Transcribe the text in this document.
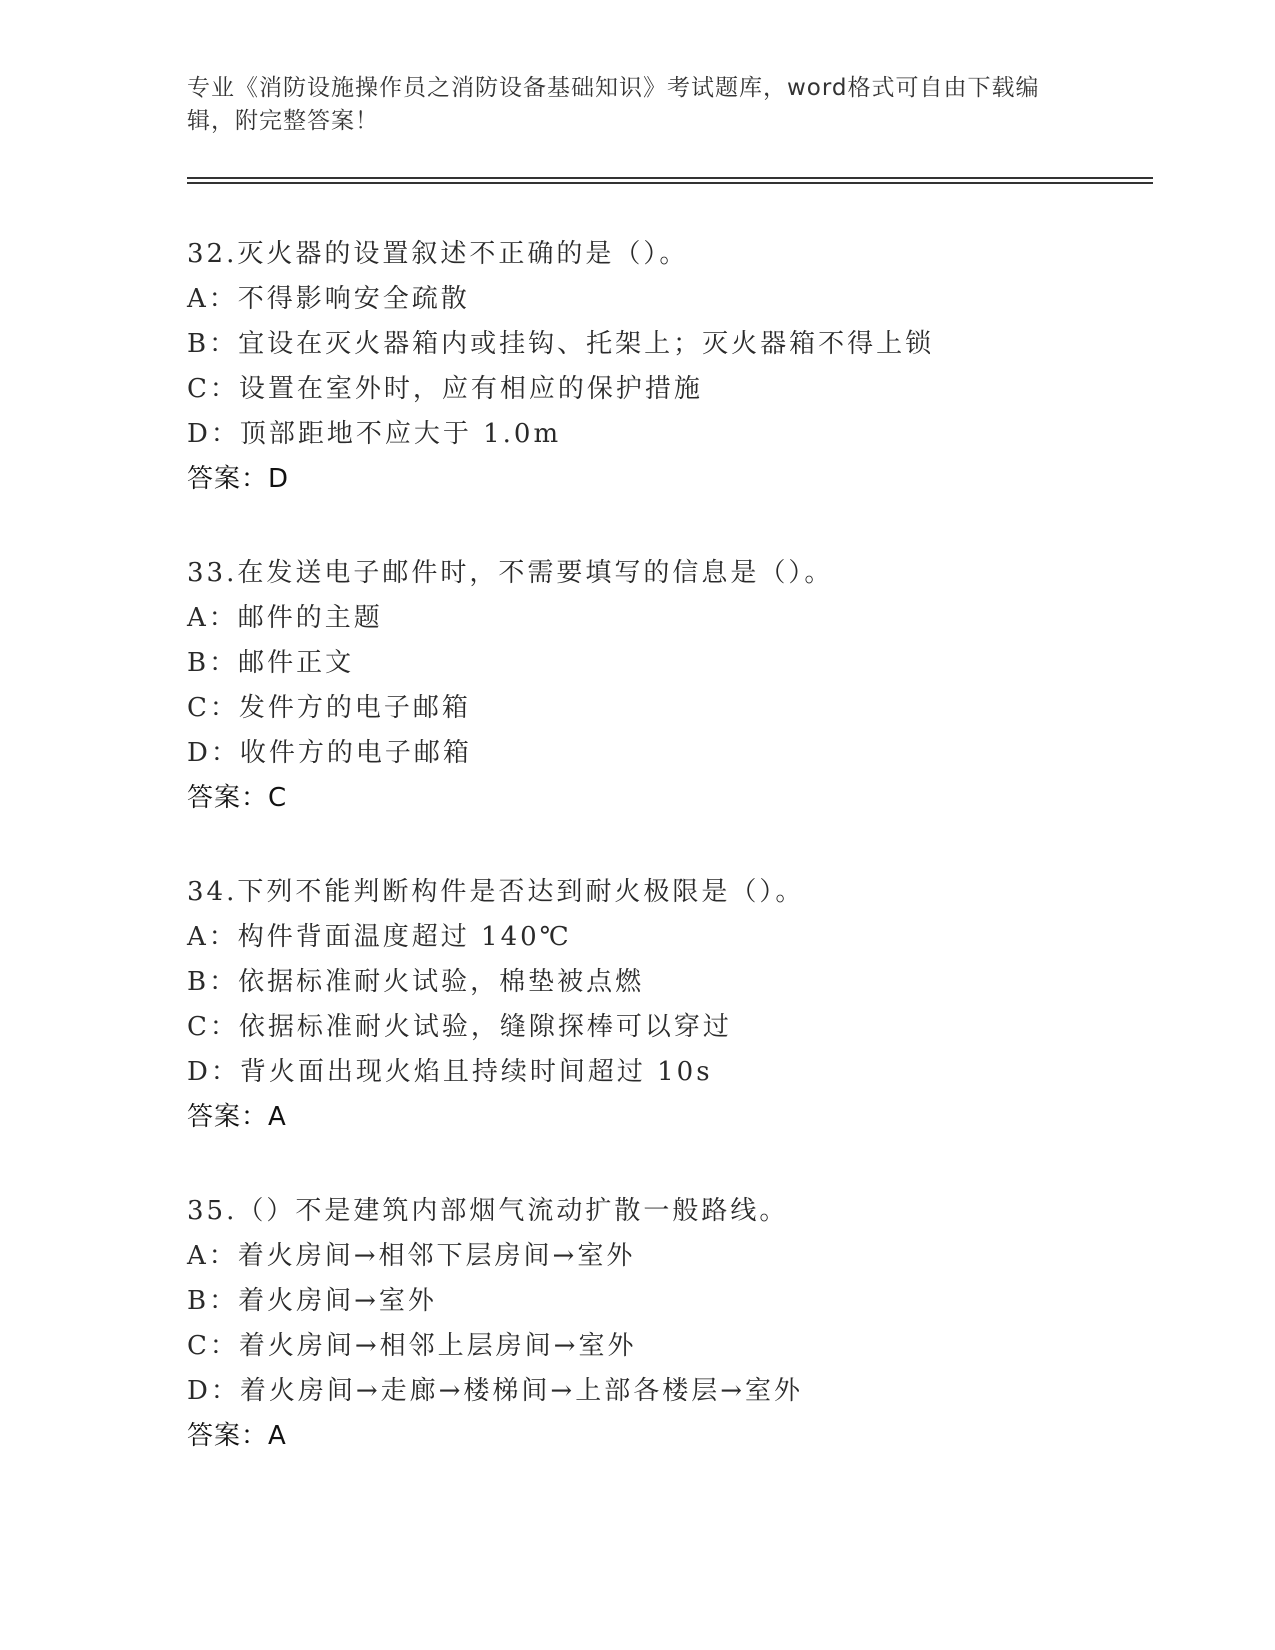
专业《消防设施操作员之消防设备基础知识》考试题库，word格式可自由下载编
辑，附完整答案！
32.灭火器的设置叙述不正确的是（）。
A：不得影响安全疏散
B：宜设在灭火器箱内或挂钩、托架上；灭火器箱不得上锁
C：设置在室外时，应有相应的保护措施
D：顶部距地不应大于 1.0m
答案：D
33.在发送电子邮件时，不需要填写的信息是（）。
A：邮件的主题
B：邮件正文
C：发件方的电子邮箱
D：收件方的电子邮箱
答案：C
34.下列不能判断构件是否达到耐火极限是（）。
A：构件背面温度超过 140℃
B：依据标准耐火试验，棉垫被点燃
C：依据标准耐火试验，缝隙探棒可以穿过
D：背火面出现火焰且持续时间超过 10s
答案：A
35.（）不是建筑内部烟气流动扩散一般路线。
A：着火房间→相邻下层房间→室外
B：着火房间→室外
C：着火房间→相邻上层房间→室外
D：着火房间→走廊→楼梯间→上部各楼层→室外
答案：A
